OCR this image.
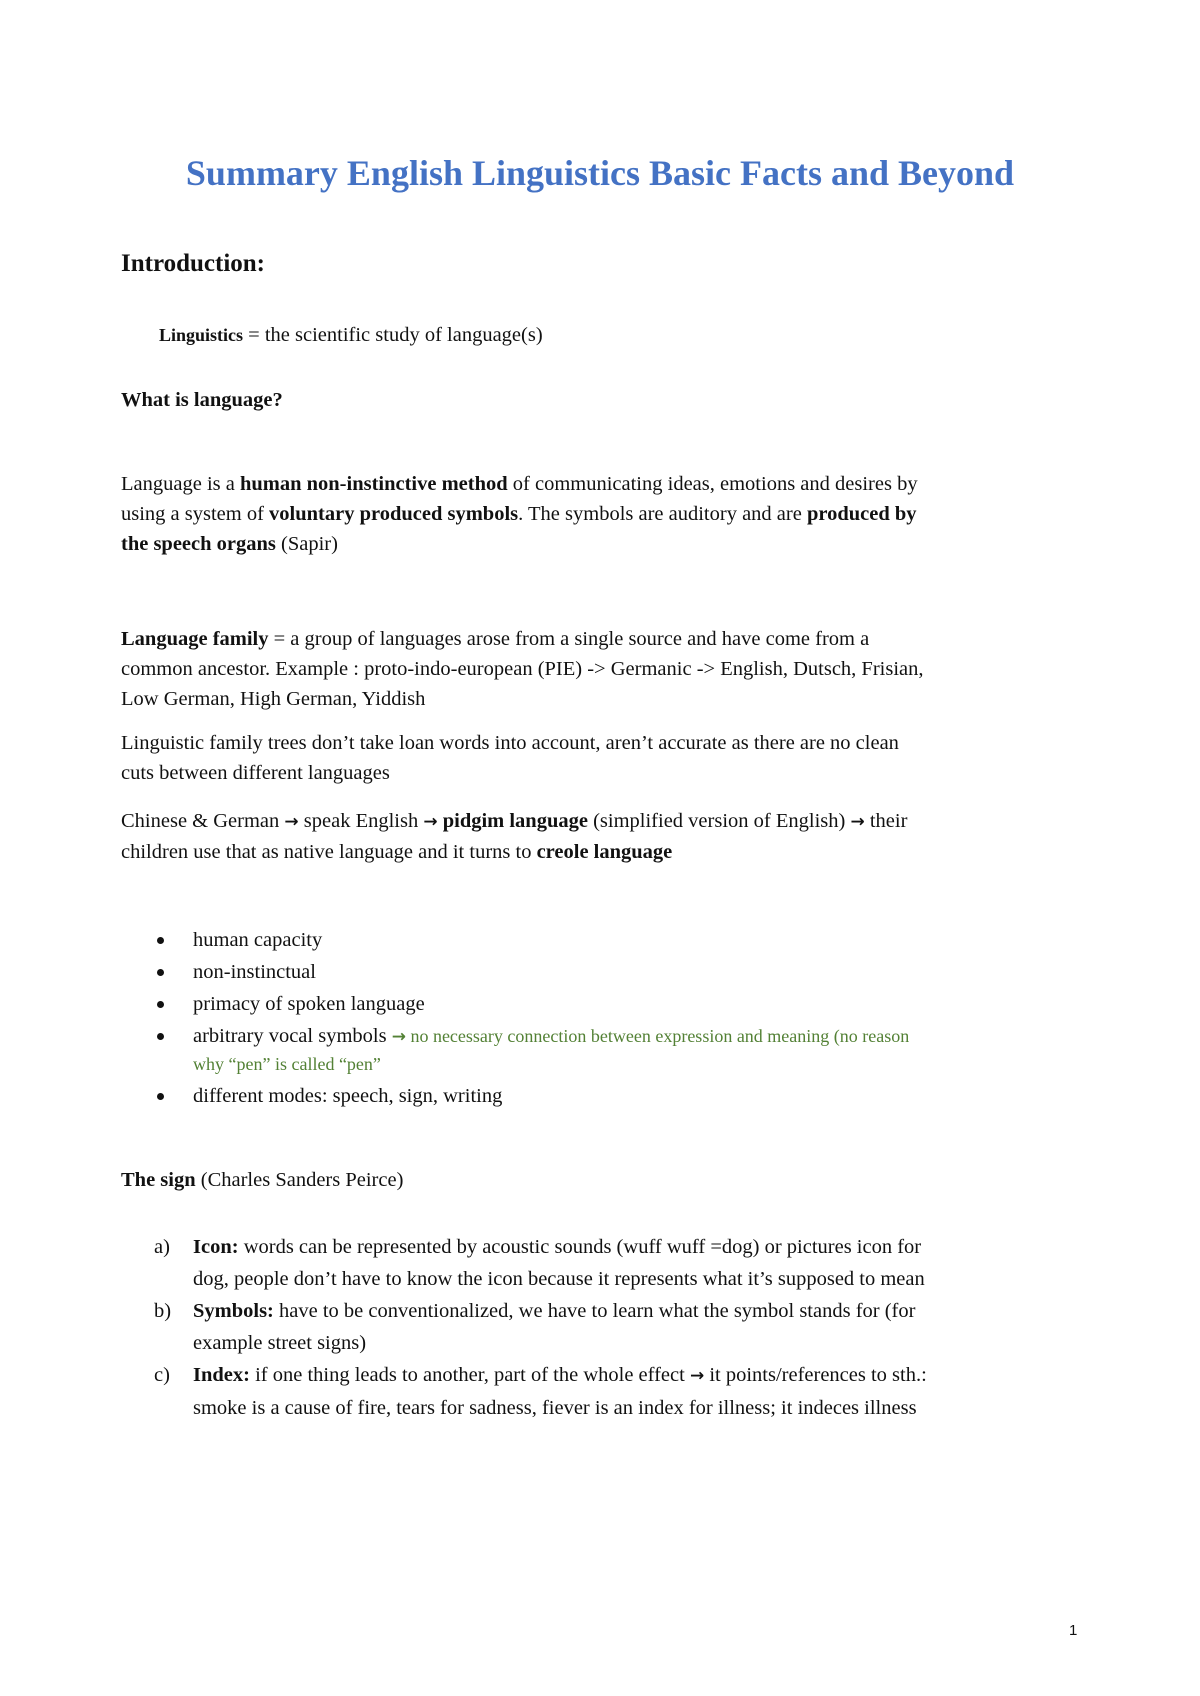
Summary English Linguistics Basic Facts and Beyond
Introduction:
Linguistics = the scientific study of language(s)
What is language?
Language is a human non-instinctive method of communicating ideas, emotions and desires by
using a system of voluntary produced symbols. The symbols are auditory and are produced by
the speech organs (Sapir)
Language family = a group of languages arose from a single source and have come from a
common ancestor. Example : proto-indo-european (PIE) -> Germanic -> English, Dutsch, Frisian,
Low German, High German, Yiddish
Linguistic family trees don’t take loan words into account, aren’t accurate as there are no clean
cuts between different languages
Chinese & German → speak English → pidgim language (simplified version of English) → their
children use that as native language and it turns to creole language
human capacity
non-instinctual
primacy of spoken language
arbitrary vocal symbols → no necessary connection between expression and meaning (no reason
why “pen” is called “pen”
different modes: speech, sign, writing
The sign (Charles Sanders Peirce)
a) Icon: words can be represented by acoustic sounds (wuff wuff =dog) or pictures icon for
dog, people don’t have to know the icon because it represents what it’s supposed to mean
b) Symbols: have to be conventionalized, we have to learn what the symbol stands for (for
example street signs)
c) Index: if one thing leads to another, part of the whole effect → it points/references to sth.:
smoke is a cause of fire, tears for sadness, fiever is an index for illness; it indeces illness
1
